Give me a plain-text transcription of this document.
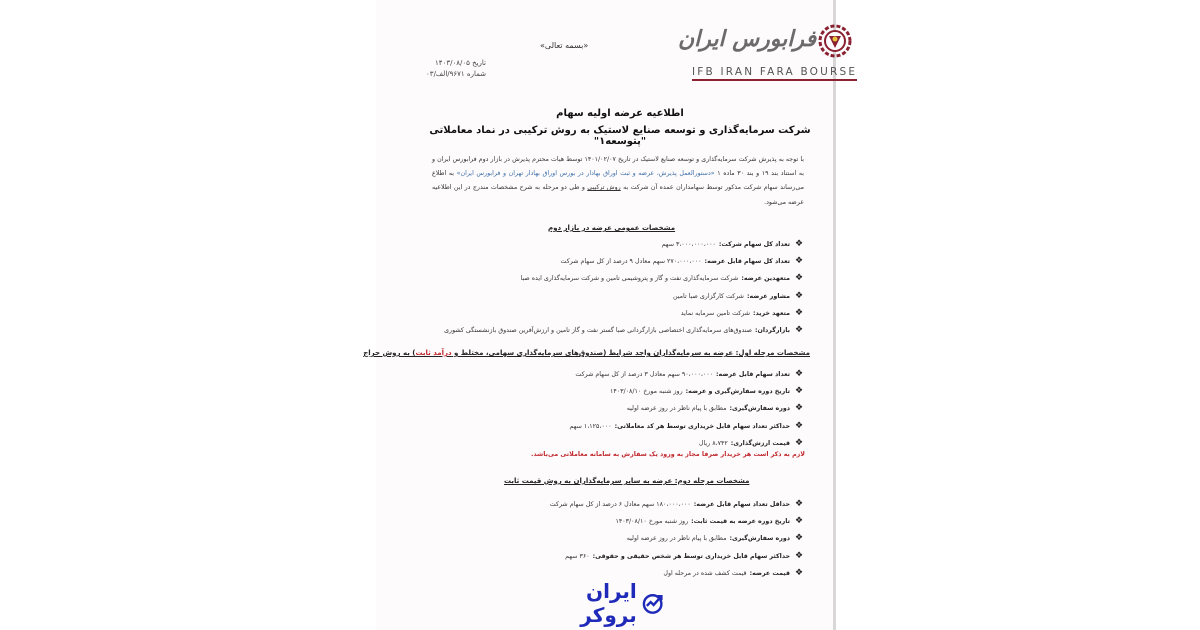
فرابورس ایران
IFB IRAN FARA BOURSE
«بسمه تعالی»
تاریخ ۱۴۰۳/۰۸/۰۵
شماره ۹۶۷۱/الف/۰۳
اطلاعیه عرضه اولیه سهام
شرکت سرمایه‌گذاری و توسعه صنایع لاستیک به روش ترکیبی در نماد معاملاتی "پتوسعه۱"
با توجه به پذیرش شرکت سرمایه‌گذاری و توسعه صنایع لاستیک در تاریخ ۱۴۰۱/۰۲/۰۷ توسط هیات محترم پذیرش در بازار دوم فرابورس ایران و به استناد بند ۱۹ و بند ۳۰ ماده ۱ «دستورالعمل پذیرش، عرضه و ثبت اوراق بهادار در بورس اوراق بهادار تهران و فرابورس ایران» به اطلاع می‌رساند سهام شرکت مذکور توسط سهامداران عمده آن شرکت به روش ترکیبی و طی دو مرحله به شرح مشخصات مندرج در این اطلاعیه عرضه می‌شود.
مشخصات عمومی عرضه در بازار دوم
❖
تعداد کل سهام شرکت:
۳،۰۰۰،۰۰۰،۰۰۰ سهم
❖
تعداد کل سهام قابل عرضه:
۲۷۰،۰۰۰،۰۰۰ سهم معادل ۹ درصد از کل سهام شرکت
❖
متعهدین عرضه:
شرکت سرمایه‌گذاری نفت و گاز و پتروشیمی تامین و شرکت سرمایه‌گذاری ایده صبا
❖
مشاور عرضه:
شرکت کارگزاری صبا تامین
❖
متعهد خرید:
شرکت تامین سرمایه نماید
❖
بازارگردان:
صندوق‌های سرمایه‌گذاری اختصاصی بازارگردانی صبا گستر نفت و گاز تامین و ارزش‌آفرین صندوق بازنشستگی کشوری
مشخصات مرحله اول: عرضه به سرمایه‌گذاران واجد شرایط (صندوق‌های سرمایه‌گذاری سهامی، مختلط و درآمد ثابت) به روش حراج
❖
تعداد سهام قابل عرضه:
۹۰،۰۰۰،۰۰۰ سهم معادل ۳ درصد از کل سهام شرکت
❖
تاریخ دوره سفارش‌گیری و عرضه:
روز شنبه مورخ ۱۴۰۳/۰۸/۱۰
❖
دوره سفارش‌گیری:
مطابق با پیام ناظر در روز عرضه اولیه
❖
حداکثر تعداد سهام قابل خریداری توسط هر کد معاملاتی:
۱،۱۲۵،۰۰۰ سهم
❖
قیمت ارزش‌گذاری:
۸،۷۴۲ ریال
لازم به ذکر است هر خریدار صرفا مجاز به ورود یک سفارش به سامانه معاملاتی می‌باشد.
مشخصات مرحله دوم: عرضه به سایر سرمایه‌گذاران به روش قیمت ثابت
❖
حداقل تعداد سهام قابل عرضه:
۱۸۰،۰۰۰،۰۰۰ سهم معادل ۶ درصد از کل سهام شرکت
❖
تاریخ دوره عرضه به قیمت ثابت:
روز شنبه مورخ ۱۴۰۳/۰۸/۱۰
❖
دوره سفارش‌گیری:
مطابق با پیام ناظر در روز عرضه اولیه
❖
حداکثر سهام قابل خریداری توسط هر شخص حقیقی و حقوقی:
۳۶۰ سهم
❖
قیمت عرضه:
قیمت کشف شده در مرحله اول
ایران بروکر
